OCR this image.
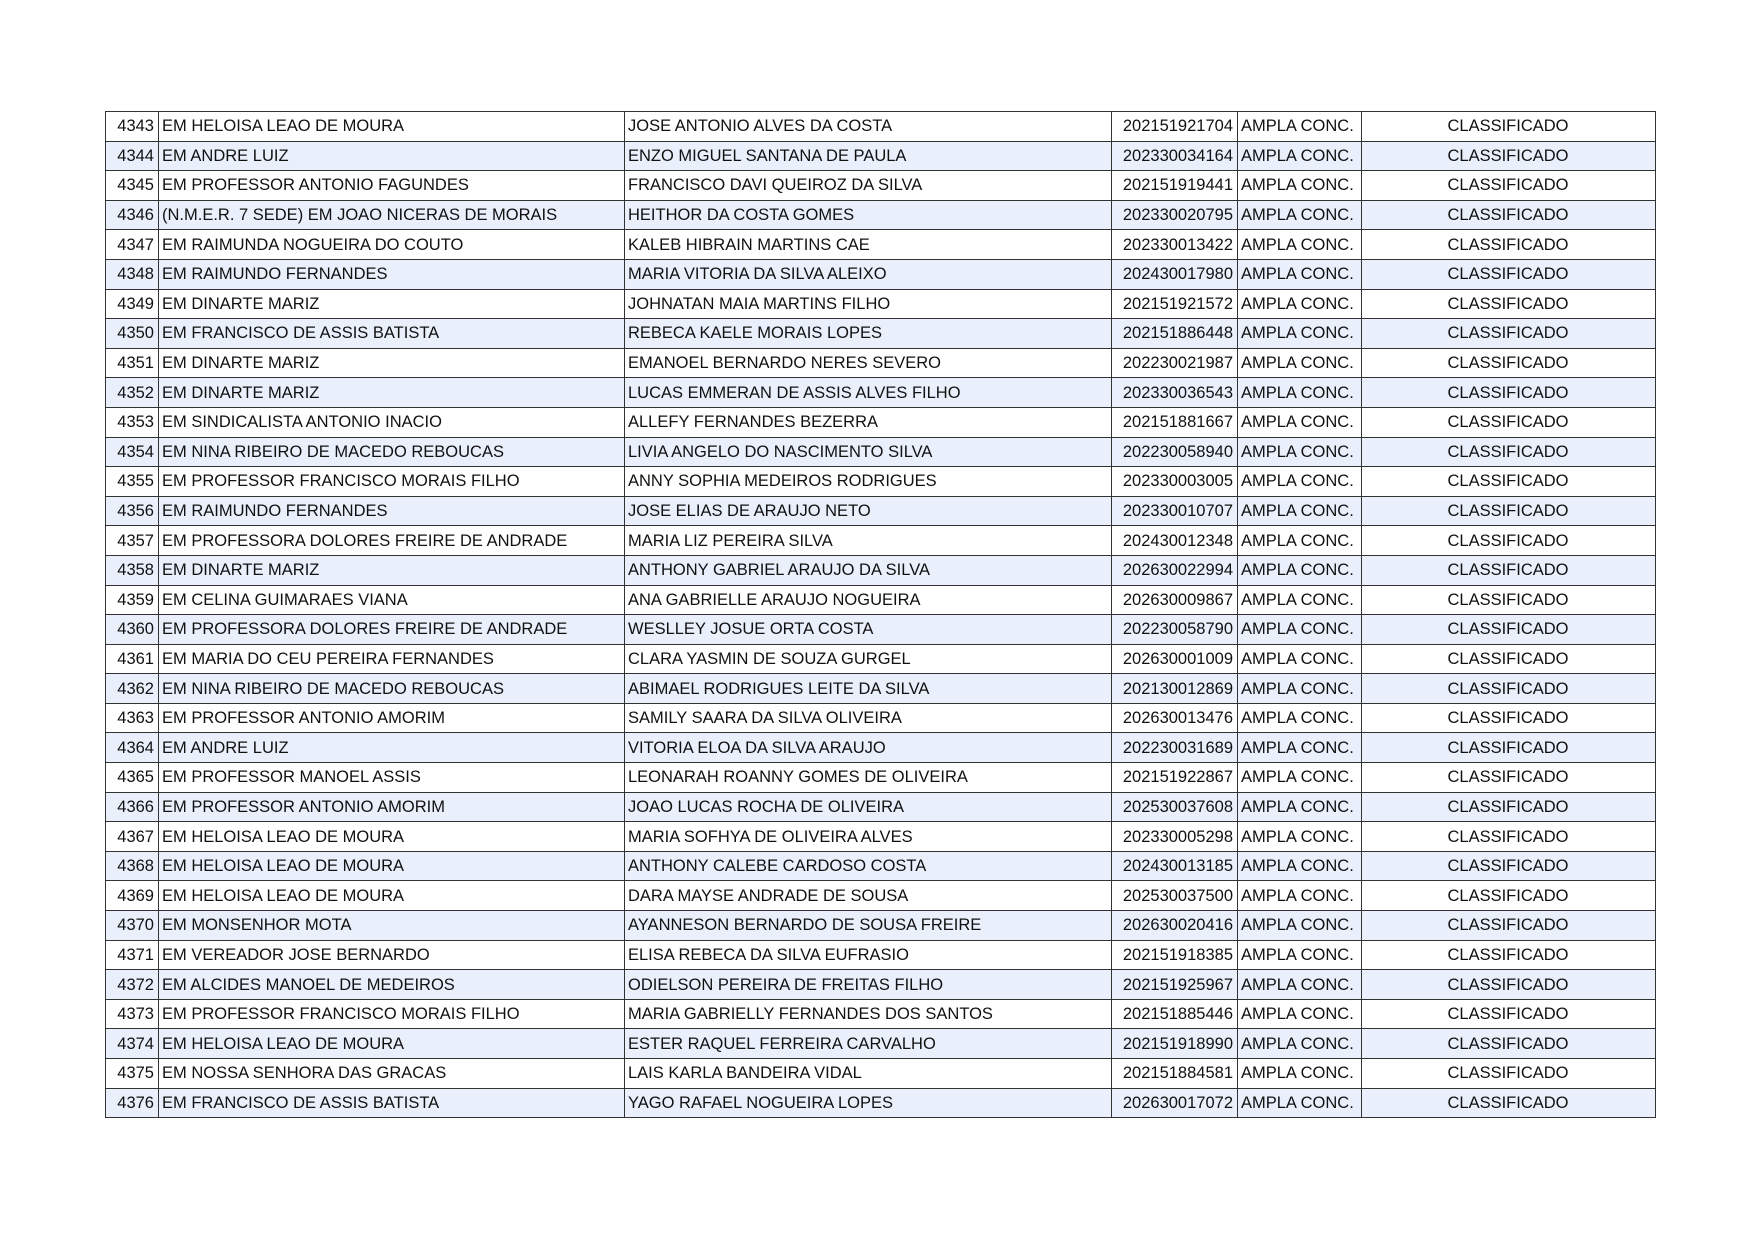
4343	EM HELOISA LEAO DE MOURA	JOSE ANTONIO ALVES DA COSTA	202151921704	AMPLA CONC.	CLASSIFICADO
4344	EM ANDRE LUIZ	ENZO MIGUEL SANTANA DE PAULA	202330034164	AMPLA CONC.	CLASSIFICADO
4345	EM PROFESSOR ANTONIO FAGUNDES	FRANCISCO DAVI QUEIROZ DA SILVA	202151919441	AMPLA CONC.	CLASSIFICADO
4346	(N.M.E.R. 7 SEDE) EM JOAO NICERAS DE MORAIS	HEITHOR DA COSTA GOMES	202330020795	AMPLA CONC.	CLASSIFICADO
4347	EM RAIMUNDA NOGUEIRA DO COUTO	KALEB HIBRAIN MARTINS CAE	202330013422	AMPLA CONC.	CLASSIFICADO
4348	EM RAIMUNDO FERNANDES	MARIA VITORIA DA SILVA ALEIXO	202430017980	AMPLA CONC.	CLASSIFICADO
4349	EM DINARTE MARIZ	JOHNATAN MAIA MARTINS FILHO	202151921572	AMPLA CONC.	CLASSIFICADO
4350	EM FRANCISCO DE ASSIS BATISTA	REBECA KAELE MORAIS LOPES	202151886448	AMPLA CONC.	CLASSIFICADO
4351	EM DINARTE MARIZ	EMANOEL BERNARDO NERES SEVERO	202230021987	AMPLA CONC.	CLASSIFICADO
4352	EM DINARTE MARIZ	LUCAS EMMERAN DE ASSIS ALVES FILHO	202330036543	AMPLA CONC.	CLASSIFICADO
4353	EM SINDICALISTA ANTONIO INACIO	ALLEFY FERNANDES BEZERRA	202151881667	AMPLA CONC.	CLASSIFICADO
4354	EM NINA RIBEIRO DE MACEDO REBOUCAS	LIVIA ANGELO DO NASCIMENTO SILVA	202230058940	AMPLA CONC.	CLASSIFICADO
4355	EM PROFESSOR FRANCISCO MORAIS FILHO	ANNY SOPHIA MEDEIROS RODRIGUES	202330003005	AMPLA CONC.	CLASSIFICADO
4356	EM RAIMUNDO FERNANDES	JOSE ELIAS DE ARAUJO NETO	202330010707	AMPLA CONC.	CLASSIFICADO
4357	EM PROFESSORA DOLORES FREIRE DE ANDRADE	MARIA LIZ PEREIRA SILVA	202430012348	AMPLA CONC.	CLASSIFICADO
4358	EM DINARTE MARIZ	ANTHONY GABRIEL ARAUJO DA SILVA	202630022994	AMPLA CONC.	CLASSIFICADO
4359	EM CELINA GUIMARAES VIANA	ANA GABRIELLE ARAUJO NOGUEIRA	202630009867	AMPLA CONC.	CLASSIFICADO
4360	EM PROFESSORA DOLORES FREIRE DE ANDRADE	WESLLEY JOSUE ORTA COSTA	202230058790	AMPLA CONC.	CLASSIFICADO
4361	EM MARIA DO CEU PEREIRA FERNANDES	CLARA YASMIN DE SOUZA GURGEL	202630001009	AMPLA CONC.	CLASSIFICADO
4362	EM NINA RIBEIRO DE MACEDO REBOUCAS	ABIMAEL RODRIGUES LEITE DA SILVA	202130012869	AMPLA CONC.	CLASSIFICADO
4363	EM PROFESSOR ANTONIO AMORIM	SAMILY SAARA DA SILVA OLIVEIRA	202630013476	AMPLA CONC.	CLASSIFICADO
4364	EM ANDRE LUIZ	VITORIA ELOA DA SILVA ARAUJO	202230031689	AMPLA CONC.	CLASSIFICADO
4365	EM PROFESSOR MANOEL ASSIS	LEONARAH ROANNY GOMES DE OLIVEIRA	202151922867	AMPLA CONC.	CLASSIFICADO
4366	EM PROFESSOR ANTONIO AMORIM	JOAO LUCAS ROCHA DE OLIVEIRA	202530037608	AMPLA CONC.	CLASSIFICADO
4367	EM HELOISA LEAO DE MOURA	MARIA SOFHYA DE OLIVEIRA ALVES	202330005298	AMPLA CONC.	CLASSIFICADO
4368	EM HELOISA LEAO DE MOURA	ANTHONY CALEBE CARDOSO COSTA	202430013185	AMPLA CONC.	CLASSIFICADO
4369	EM HELOISA LEAO DE MOURA	DARA MAYSE ANDRADE DE SOUSA	202530037500	AMPLA CONC.	CLASSIFICADO
4370	EM MONSENHOR MOTA	AYANNESON BERNARDO DE SOUSA FREIRE	202630020416	AMPLA CONC.	CLASSIFICADO
4371	EM VEREADOR JOSE BERNARDO	ELISA REBECA DA SILVA EUFRASIO	202151918385	AMPLA CONC.	CLASSIFICADO
4372	EM ALCIDES MANOEL DE MEDEIROS	ODIELSON PEREIRA DE FREITAS FILHO	202151925967	AMPLA CONC.	CLASSIFICADO
4373	EM PROFESSOR FRANCISCO MORAIS FILHO	MARIA GABRIELLY FERNANDES DOS SANTOS	202151885446	AMPLA CONC.	CLASSIFICADO
4374	EM HELOISA LEAO DE MOURA	ESTER RAQUEL FERREIRA CARVALHO	202151918990	AMPLA CONC.	CLASSIFICADO
4375	EM NOSSA SENHORA DAS GRACAS	LAIS KARLA BANDEIRA VIDAL	202151884581	AMPLA CONC.	CLASSIFICADO
4376	EM FRANCISCO DE ASSIS BATISTA	YAGO RAFAEL NOGUEIRA LOPES	202630017072	AMPLA CONC.	CLASSIFICADO
